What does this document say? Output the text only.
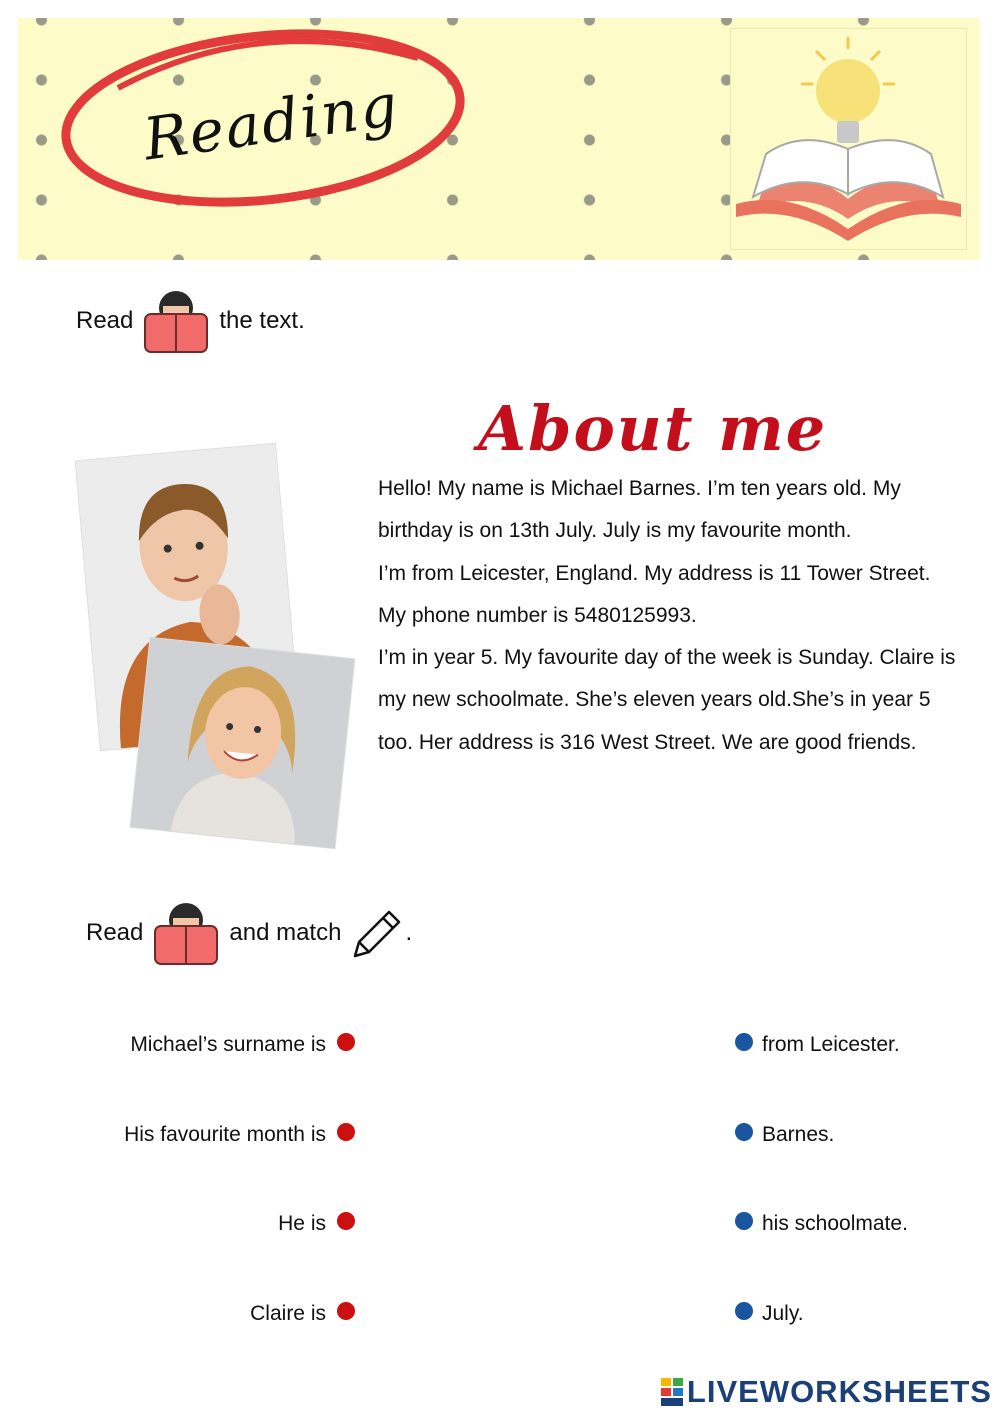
Reading
Read	the text.
About me

Hello! My name is Michael Barnes. I’m ten years old. My birthday is on 13th July. July is my favourite month.

I’m from Leicester, England. My address is 11 Tower Street. My phone number is 5480125993.

I’m in year 5. My favourite day of the week is Sunday. Claire is my new schoolmate. She’s eleven years old.She’s in year 5 too. Her address is 316 West Street. We are good friends.

Read	and match	.
Michael’s surname is	from Leicester.
His favourite month is	Barnes.
He is	his schoolmate.
Claire is	July.
LIVEWORKSHEETS
